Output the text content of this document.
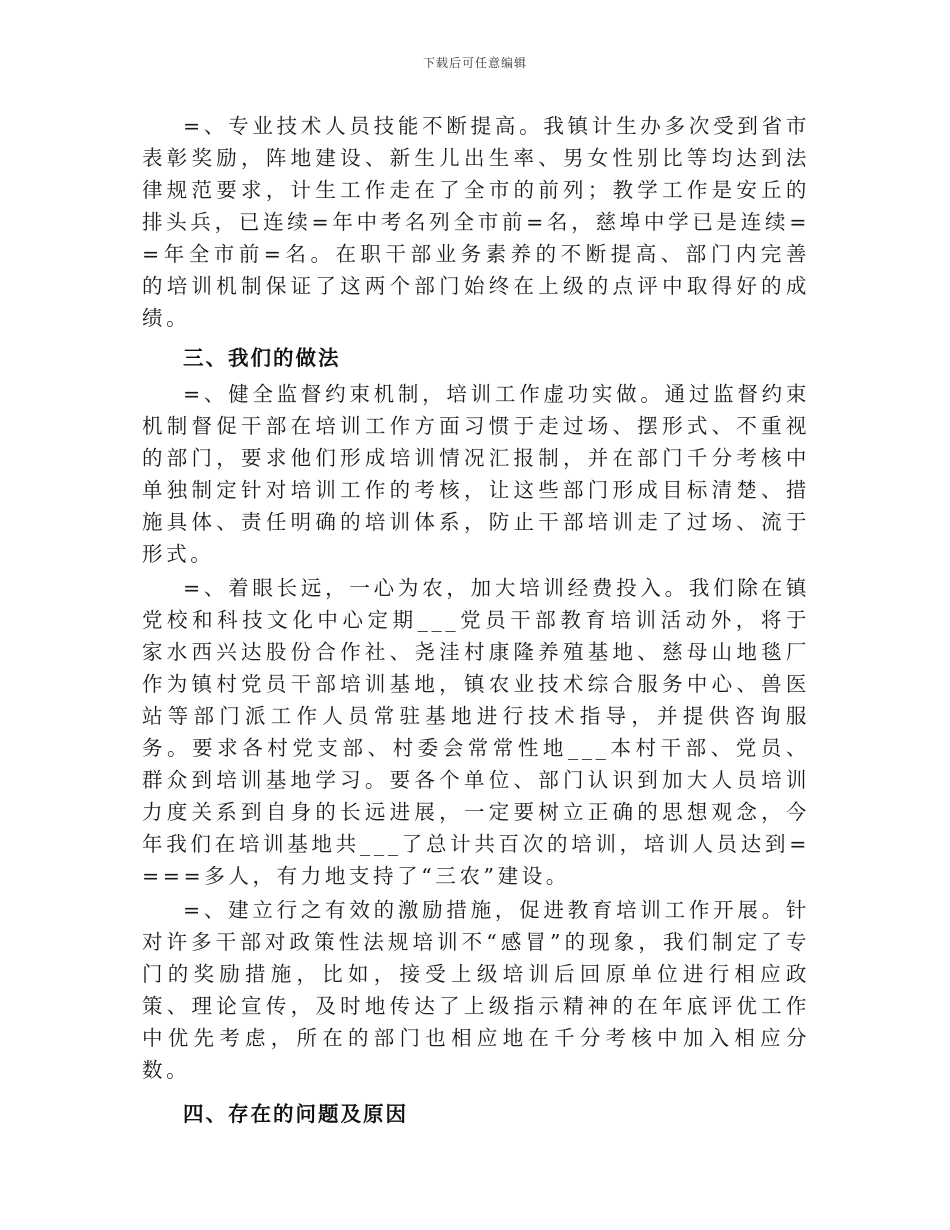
下载后可任意编辑

=、专业技术人员技能不断提高。我镇计生办多次受到省市表彰奖励，阵地建设、新生儿出生率、男女性别比等均达到法律规范要求，计生工作走在了全市的前列；教学工作是安丘的排头兵，已连续=年中考名列全市前=名，慈埠中学已是连续==年全市前=名。在职干部业务素养的不断提高、部门内完善的培训机制保证了这两个部门始终在上级的点评中取得好的成绩。

三、我们的做法

=、健全监督约束机制，培训工作虚功实做。通过监督约束机制督促干部在培训工作方面习惯于走过场、摆形式、不重视的部门，要求他们形成培训情况汇报制，并在部门千分考核中单独制定针对培训工作的考核，让这些部门形成目标清楚、措施具体、责任明确的培训体系，防止干部培训走了过场、流于形式。

=、着眼长远，一心为农，加大培训经费投入。我们除在镇党校和科技文化中心定期___党员干部教育培训活动外，将于家水西兴达股份合作社、尧洼村康隆养殖基地、慈母山地毯厂作为镇村党员干部培训基地，镇农业技术综合服务中心、兽医站等部门派工作人员常驻基地进行技术指导，并提供咨询服务。要求各村党支部、村委会常常性地___本村干部、党员、群众到培训基地学习。要各个单位、部门认识到加大人员培训力度关系到自身的长远进展，一定要树立正确的思想观念，今年我们在培训基地共___了总计共百次的培训，培训人员达到====多人，有力地支持了“三农”建设。

=、建立行之有效的激励措施，促进教育培训工作开展。针对许多干部对政策性法规培训不“感冒”的现象，我们制定了专门的奖励措施，比如，接受上级培训后回原单位进行相应政策、理论宣传，及时地传达了上级指示精神的在年底评优工作中优先考虑，所在的部门也相应地在千分考核中加入相应分数。

四、存在的问题及原因
